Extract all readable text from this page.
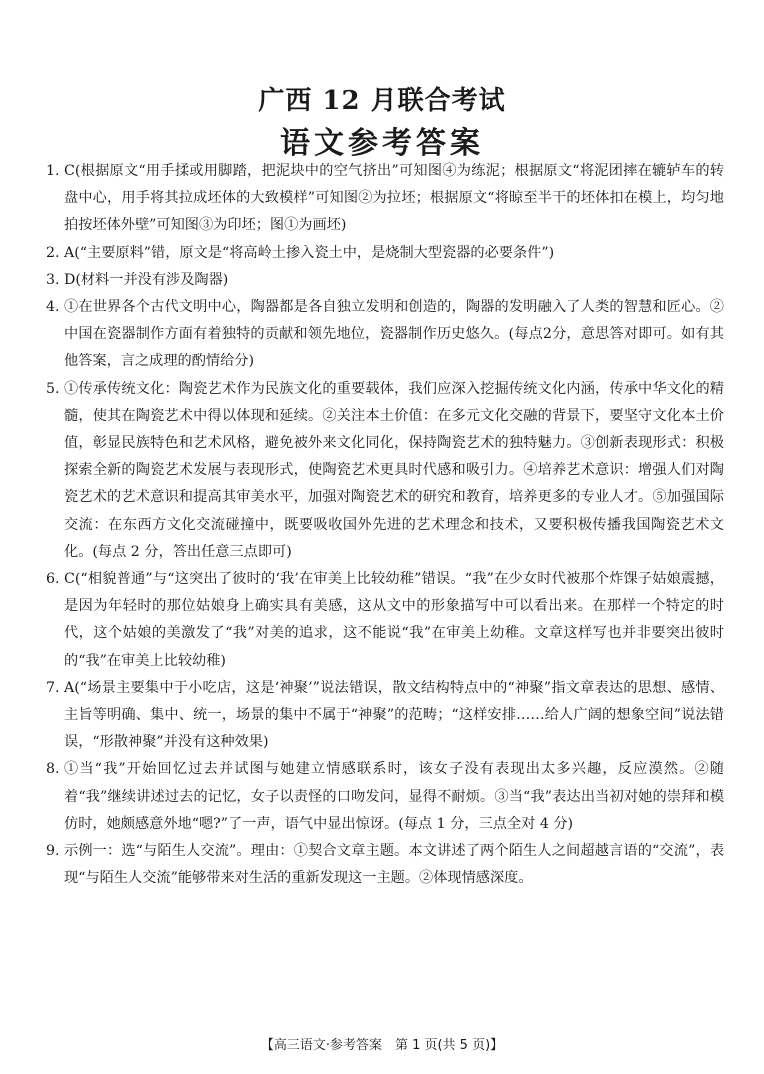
广西 12 月联合考试
语文参考答案
1. C(根据原文“用手揉或用脚踏，把泥块中的空气挤出”可知图④为练泥；根据原文“将泥团摔在辘轳车的转盘中心，用手将其拉成坯体的大致模样”可知图②为拉坯；根据原文“将晾至半干的坯体扣在模上，均匀地拍按坯体外壁”可知图③为印坯；图①为画坯)
2. A(“主要原料”错，原文是“将高岭土掺入瓷土中，是烧制大型瓷器的必要条件”)
3. D(材料一并没有涉及陶器)
4. ①在世界各个古代文明中心，陶器都是各自独立发明和创造的，陶器的发明融入了人类的智慧和匠心。②中国在瓷器制作方面有着独特的贡献和领先地位，瓷器制作历史悠久。(每点2分，意思答对即可。如有其他答案，言之成理的酌情给分)
5. ①传承传统文化：陶瓷艺术作为民族文化的重要载体，我们应深入挖掘传统文化内涵，传承中华文化的精髓，使其在陶瓷艺术中得以体现和延续。②关注本土价值：在多元文化交融的背景下，要坚守文化本土价值，彰显民族特色和艺术风格，避免被外来文化同化，保持陶瓷艺术的独特魅力。③创新表现形式：积极探索全新的陶瓷艺术发展与表现形式，使陶瓷艺术更具时代感和吸引力。④培养艺术意识：增强人们对陶瓷艺术的艺术意识和提高其审美水平，加强对陶瓷艺术的研究和教育，培养更多的专业人才。⑤加强国际交流：在东西方文化交流碰撞中，既要吸收国外先进的艺术理念和技术，又要积极传播我国陶瓷艺术文化。(每点 2 分，答出任意三点即可)
6. C(“相貌普通”与“这突出了彼时的‘我’在审美上比较幼稚”错误。“我”在少女时代被那个炸馃子姑娘震撼，是因为年轻时的那位姑娘身上确实具有美感，这从文中的形象描写中可以看出来。在那样一个特定的时代，这个姑娘的美激发了“我”对美的追求，这不能说“我”在审美上幼稚。文章这样写也并非要突出彼时的“我”在审美上比较幼稚)
7. A(“场景主要集中于小吃店，这是‘神聚’”说法错误，散文结构特点中的“神聚”指文章表达的思想、感情、主旨等明确、集中、统一，场景的集中不属于“神聚”的范畴；“这样安排……给人广阔的想象空间”说法错误，“形散神聚”并没有这种效果)
8. ①当“我”开始回忆过去并试图与她建立情感联系时，该女子没有表现出太多兴趣，反应漠然。②随着“我”继续讲述过去的记忆，女子以责怪的口吻发问，显得不耐烦。③当“我”表达出当初对她的崇拜和模仿时，她颇感意外地“嗯?”了一声，语气中显出惊讶。(每点 1 分，三点全对 4 分)
9. 示例一：选“与陌生人交流”。理由：①契合文章主题。本文讲述了两个陌生人之间超越言语的“交流”，表现“与陌生人交流”能够带来对生活的重新发现这一主题。②体现情感深度。
【高三语文·参考答案　第 1 页(共 5 页)】
